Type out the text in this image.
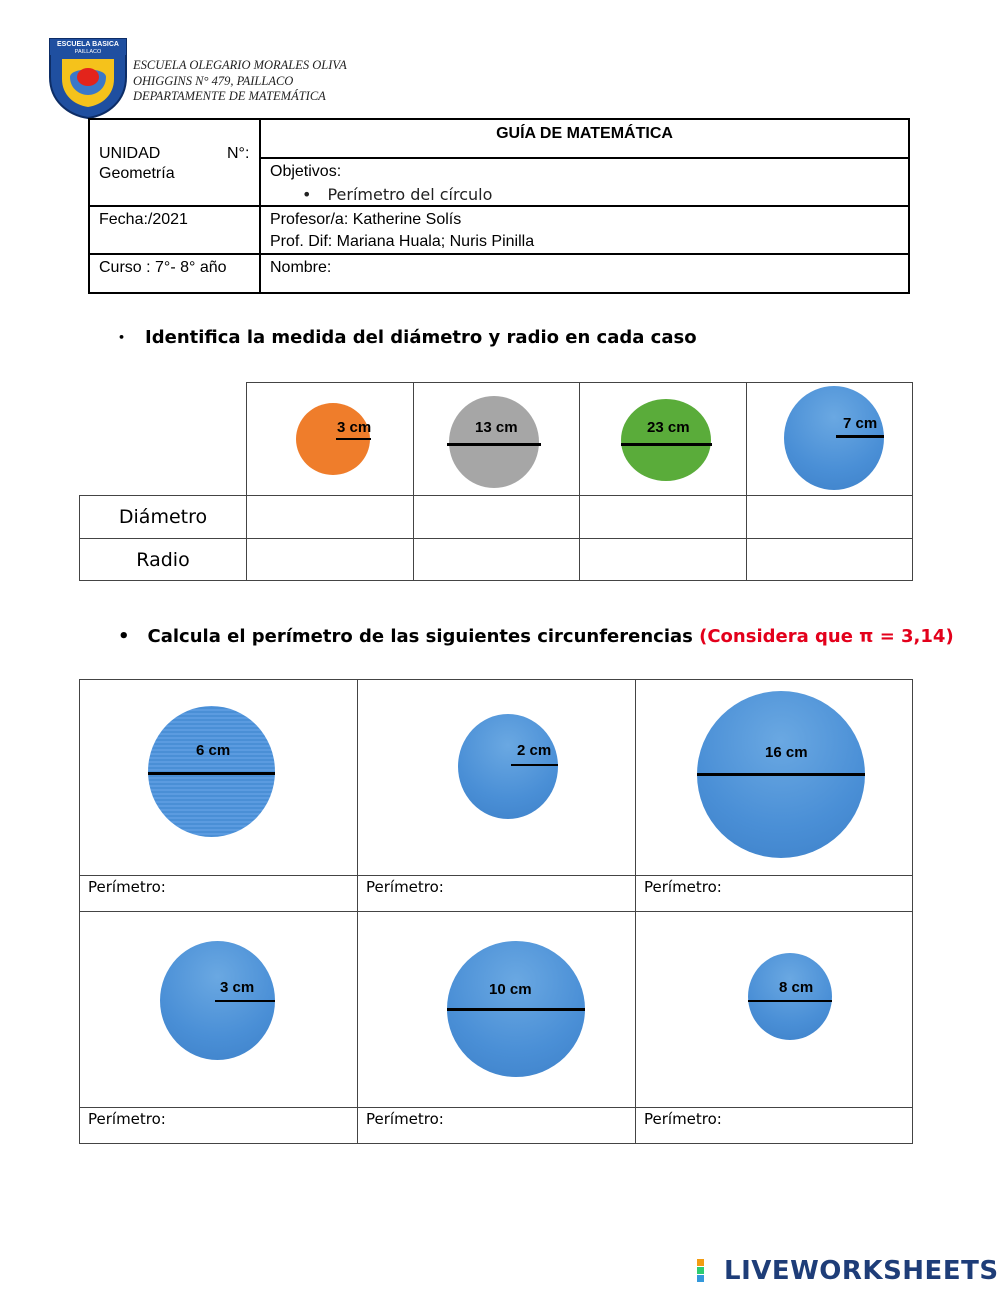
ESCUELA BASICA
PAILLACO
ESCUELA OLEGARIO MORALES OLIVA
OHIGGINS N° 479, PAILLACO
DEPARTAMENTE DE MATEMÁTICA
UNIDAD	N°:
Geometría
GUÍA DE MATEMÁTICA
Objetivos:
• Perímetro del círculo
Fecha:/2021	Profesor/a: Katherine Solís
Prof. Dif: Mariana Huala; Nuris Pinilla
Curso : 7°- 8° año	Nombre:
• Identifica la medida del diámetro y radio en cada caso
3 cm	13 cm	23 cm	7 cm
Diámetro
Radio
• Calcula el perímetro de las siguientes circunferencias (Considera que π = 3,14)
6 cm	2 cm	16 cm
Perímetro:	Perímetro:	Perímetro:
3 cm	10 cm	8 cm
Perímetro:	Perímetro:	Perímetro:
LIVEWORKSHEETS
